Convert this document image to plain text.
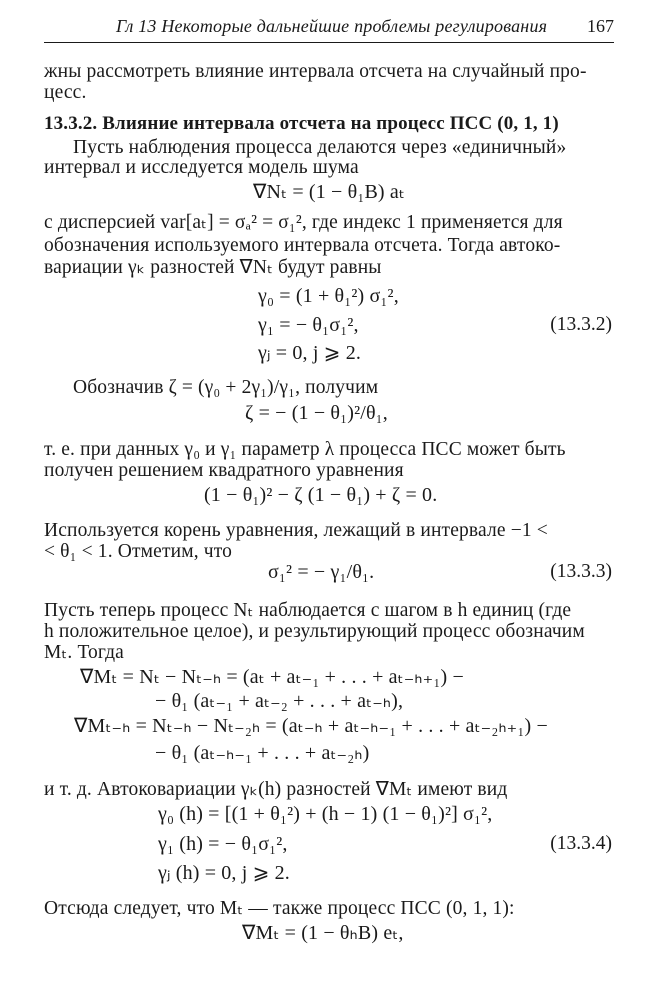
Гл 13 Некоторые дальнейшие проблемы регулирования 167
жны рассмотреть влияние интервала отсчета на случайный про-
цесс.
13.3.2. Влияние интервала отсчета на процесс ПСС (0, 1, 1)
Пусть наблюдения процесса делаются через «единичный»
интервал и исследуется модель шума
∇Nₜ = (1 − θ₁B) aₜ
с дисперсией var[aₜ] = σₐ² = σ₁², где индекс 1 применяется для
обозначения используемого интервала отсчета. Тогда автоко-
вариации γₖ разностей ∇Nₜ будут равны
γ₀ = (1 + θ₁²) σ₁²,
γ₁ = − θ₁σ₁²,	(13.3.2)
γⱼ = 0, j ⩾ 2.
Обозначив ζ = (γ₀ + 2γ₁)/γ₁, получим
ζ = − (1 − θ₁)²/θ₁,
т. е. при данных γ₀ и γ₁ параметр λ процесса ПСС может быть
получен решением квадратного уравнения
(1 − θ₁)² − ζ (1 − θ₁) + ζ = 0.
Используется корень уравнения, лежащий в интервале −1 <
< θ₁ < 1. Отметим, что
σ₁² = − γ₁/θ₁.	(13.3.3)
Пусть теперь процесс Nₜ наблюдается с шагом в h единиц (где
h положительное целое), и результирующий процесс обозначим
Mₜ. Тогда
∇Mₜ = Nₜ − Nₜ₋ₕ = (aₜ + aₜ₋₁ + . . . + aₜ₋ₕ₊₁) −
− θ₁ (aₜ₋₁ + aₜ₋₂ + . . . + aₜ₋ₕ),
∇Mₜ₋ₕ = Nₜ₋ₕ − Nₜ₋₂ₕ = (aₜ₋ₕ + aₜ₋ₕ₋₁ + . . . + aₜ₋₂ₕ₊₁) −
− θ₁ (aₜ₋ₕ₋₁ + . . . + aₜ₋₂ₕ)
и т. д. Автоковариации γₖ(h) разностей ∇Mₜ имеют вид
γ₀ (h) = [(1 + θ₁²) + (h − 1) (1 − θ₁)²] σ₁²,
γ₁ (h) = − θ₁σ₁²,	(13.3.4)
γⱼ (h) = 0, j ⩾ 2.
Отсюда следует, что Mₜ — также процесс ПСС (0, 1, 1):
∇Mₜ = (1 − θₕB) eₜ,
